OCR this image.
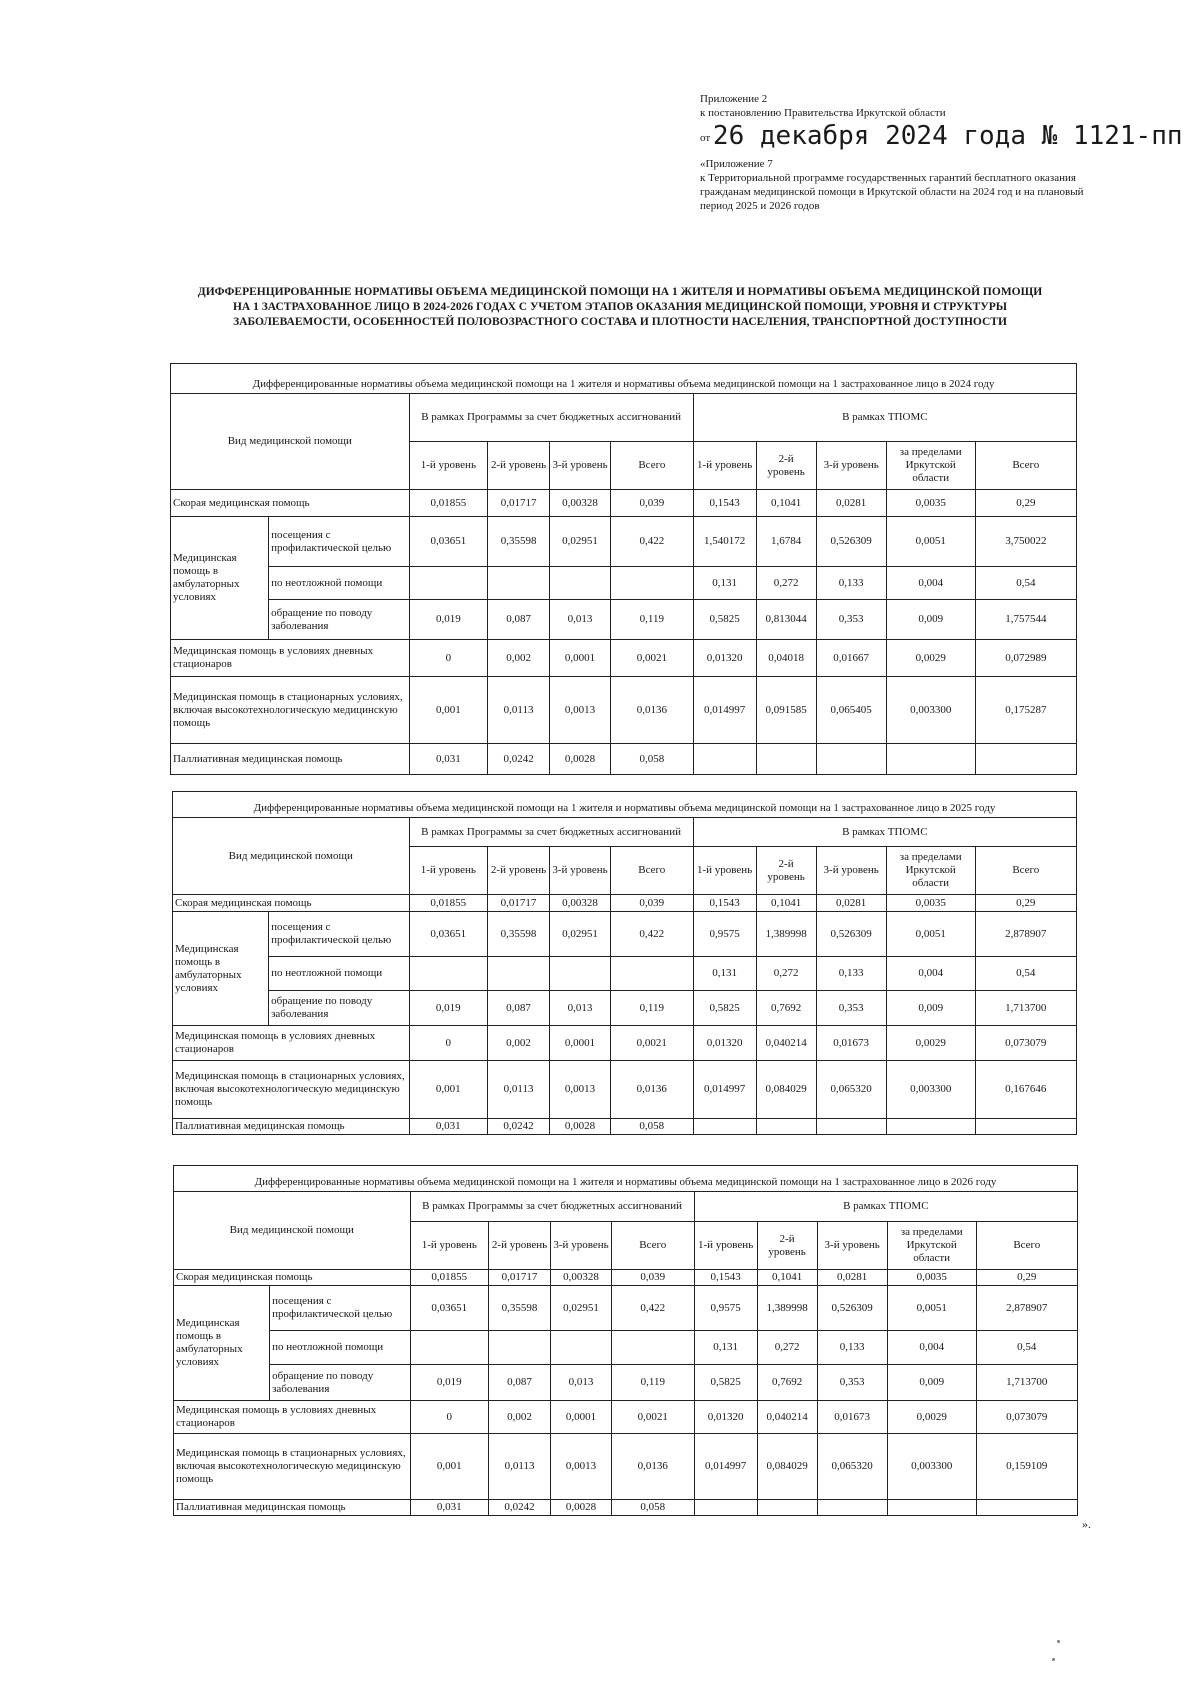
Приложение 2
к постановлению Правительства Иркутской области
от 26 декабря 2024 года № 1121-пп
«Приложение 7
к Территориальной программе государственных гарантий бесплатного оказания гражданам медицинской помощи в Иркутской области на 2024 год и на плановый период 2025 и 2026 годов
ДИФФЕРЕНЦИРОВАННЫЕ НОРМАТИВЫ ОБЪЕМА МЕДИЦИНСКОЙ ПОМОЩИ НА 1 ЖИТЕЛЯ И НОРМАТИВЫ ОБЪЕМА МЕДИЦИНСКОЙ ПОМОЩИ НА 1 ЗАСТРАХОВАННОЕ ЛИЦО В 2024-2026 ГОДАХ С УЧЕТОМ ЭТАПОВ ОКАЗАНИЯ МЕДИЦИНСКОЙ ПОМОЩИ, УРОВНЯ И СТРУКТУРЫ ЗАБОЛЕВАЕМОСТИ, ОСОБЕННОСТЕЙ ПОЛОВОЗРАСТНОГО СОСТАВА И ПЛОТНОСТИ НАСЕЛЕНИЯ, ТРАНСПОРТНОЙ ДОСТУПНОСТИ
Дифференцированные нормативы объема медицинской помощи на 1 жителя и нормативы объема медицинской помощи на 1 застрахованное лицо в 2024 году										
Вид медицинской помощи		В рамках Программы за счет бюджетных ассигнований				В рамках ТПОМС				
		1-й уровень	2-й уровень	3-й уровень	Всего	1-й уровень	2-й уровень	3-й уровень	за пределами Иркутской области	Всего
Скорая медицинская помощь		0,01855	0,01717	0,00328	0,039	0,1543	0,1041	0,0281	0,0035	0,29
Медицинская помощь в амбулаторных условиях	посещения с профилактической целью	0,03651	0,35598	0,02951	0,422	1,540172	1,6784	0,526309	0,0051	3,750022
	по неотложной помощи					0,131	0,272	0,133	0,004	0,54
	обращение по поводу заболевания	0,019	0,087	0,013	0,119	0,5825	0,813044	0,353	0,009	1,757544
Медицинская помощь в условиях дневных стационаров		0	0,002	0,0001	0,0021	0,01320	0,04018	0,01667	0,0029	0,072989
Медицинская помощь в стационарных условиях, включая высокотехнологическую медицинскую помощь		0,001	0,0113	0,0013	0,0136	0,014997	0,091585	0,065405	0,003300	0,175287
Паллиативная медицинская помощь		0,031	0,0242	0,0028	0,058					
Дифференцированные нормативы объема медицинской помощи на 1 жителя и нормативы объема медицинской помощи на 1 застрахованное лицо в 2025 году										
Вид медицинской помощи		В рамках Программы за счет бюджетных ассигнований				В рамках ТПОМС				
		1-й уровень	2-й уровень	3-й уровень	Всего	1-й уровень	2-й уровень	3-й уровень	за пределами Иркутской области	Всего
Скорая медицинская помощь		0,01855	0,01717	0,00328	0,039	0,1543	0,1041	0,0281	0,0035	0,29
Медицинская помощь в амбулаторных условиях	посещения с профилактической целью	0,03651	0,35598	0,02951	0,422	0,9575	1,389998	0,526309	0,0051	2,878907
	по неотложной помощи					0,131	0,272	0,133	0,004	0,54
	обращение по поводу заболевания	0,019	0,087	0,013	0,119	0,5825	0,7692	0,353	0,009	1,713700
Медицинская помощь в условиях дневных стационаров		0	0,002	0,0001	0,0021	0,01320	0,040214	0,01673	0,0029	0,073079
Медицинская помощь в стационарных условиях, включая высокотехнологическую медицинскую помощь		0,001	0,0113	0,0013	0,0136	0,014997	0,084029	0,065320	0,003300	0,167646
Паллиативная медицинская помощь		0,031	0,0242	0,0028	0,058					
Дифференцированные нормативы объема медицинской помощи на 1 жителя и нормативы объема медицинской помощи на 1 застрахованное лицо в 2026 году										
Вид медицинской помощи		В рамках Программы за счет бюджетных ассигнований				В рамках ТПОМС				
		1-й уровень	2-й уровень	3-й уровень	Всего	1-й уровень	2-й уровень	3-й уровень	за пределами Иркутской области	Всего
Скорая медицинская помощь		0,01855	0,01717	0,00328	0,039	0,1543	0,1041	0,0281	0,0035	0,29
Медицинская помощь в амбулаторных условиях	посещения с профилактической целью	0,03651	0,35598	0,02951	0,422	0,9575	1,389998	0,526309	0,0051	2,878907
	по неотложной помощи					0,131	0,272	0,133	0,004	0,54
	обращение по поводу заболевания	0,019	0,087	0,013	0,119	0,5825	0,7692	0,353	0,009	1,713700
Медицинская помощь в условиях дневных стационаров		0	0,002	0,0001	0,0021	0,01320	0,040214	0,01673	0,0029	0,073079
Медицинская помощь в стационарных условиях, включая высокотехнологическую медицинскую помощь		0,001	0,0113	0,0013	0,0136	0,014997	0,084029	0,065320	0,003300	0,159109
Паллиативная медицинская помощь		0,031	0,0242	0,0028	0,058					
».
